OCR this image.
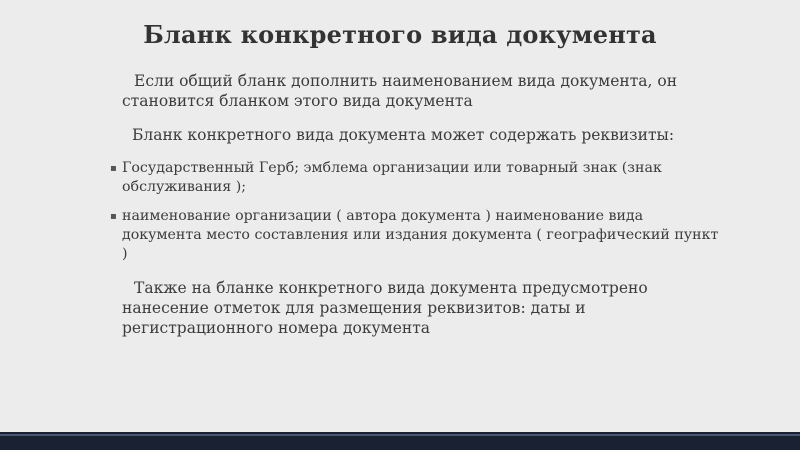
Бланк конкретного вида документа

Если общий бланк дополнить наименованием вида документа, он становится бланком этого вида документа

Бланк конкретного вида документа может содержать реквизиты:

▪ Государственный Герб; эмблема организации или товарный знак (знак обслуживания );
▪ наименование организации ( автора документа ) наименование вида документа место составления или издания документа ( географический пункт )

Также на бланке конкретного вида документа предусмотрено нанесение отметок для размещения реквизитов: даты и регистрационного номера документа
